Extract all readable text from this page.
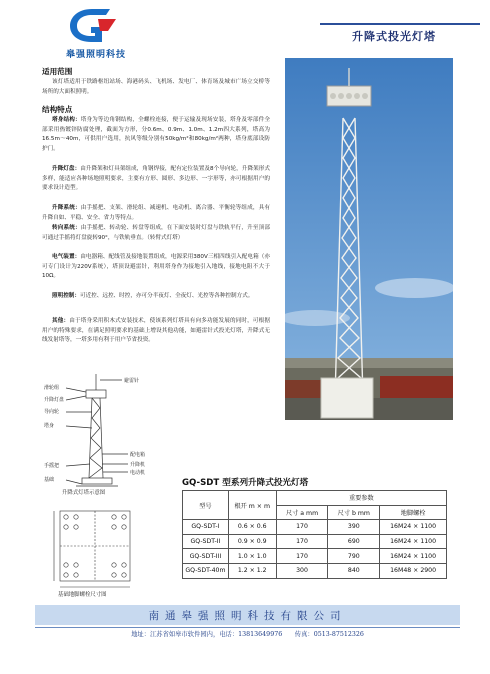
皋强照明科技
升降式投光灯塔
适用范围
该灯塔适用于铁路枢纽站场、海港码头、飞机场、发电厂、体育场及城市广场立交桥等场所的大面积照明。
结构特点
塔身结构：塔身为等边角钢结构，全螺栓连接，便于运输及现场安装，塔身及零部件全部采用热镀锌防腐处理，截面为方形，分0.6m、0.9m、1.0m、1.2m四大系列，塔高为16.5m～40m，可供用户选用，抗风等级分别有50kg/m²和80kg/m²两种，塔身底部设防护门。
升降灯盘：由升降架和灯具架组成，角钢焊接，配有定位装置及8个导向轮，升降架形式多样，能适应各种场地照明要求，主要有方形、圆形、多边形、一字形等，亦可根据用户的要求设计造型。
升降系统：由手摇把、支架、滑轮组、减速机、电动机、离合器、平衡轮等组成，具有升降自如、平稳、安全、省力等特点。
转向系统：由手摇把、转动轮、转盘等组成，在下面安装时灯盘与铁轨平行，升至顶部可通过手摇将灯盘旋转90°，与铁轨垂直。（转臂式灯塔）
电气装置：由电器箱、配线管及接地装置组成，电源采用380V三相四线引入配电箱（亦可专门设计为220V系统），塔顶设避雷针，利用塔身作为接地引入地线，接地电阻不大于10Ω。
照明控制：可近控、远控、时控，亦可分半夜灯、全夜灯、光控等各种控制方式。
其他：由于塔身采用积木式安装技术，使该系列灯塔具有向多功能发展的同时，可根据用户的特殊要求，在满足照明要求的基础上增设其他功能，如避雷针式投光灯塔，升降式无线发射塔等，一塔多用有利于用户节省投资。
避雷针
滑轮组
升降灯盘
导向轮
塔身
配电箱
升降机
手摇把
电动机
基础
升降式灯塔示意图
基础地脚螺栓尺寸图
GQ-SDT 型系列升降式投光灯塔
型号	根开 m × m	重要参数		
		尺寸 a mm	尺寸 b mm	地脚螺栓
GQ-SDT-I	0.6 × 0.6	170	390	16M24 × 1100
GQ-SDT-II	0.9 × 0.9	170	690	16M24 × 1100
GQ-SDT-III	1.0 × 1.0	170	790	16M24 × 1100
GQ-SDT-40m	1.2 × 1.2	300	840	16M48 × 2900
南通皋强照明科技有限公司
地址：江苏省如皋市软件园内，电话：13813649976　　传真：0513-87512326
